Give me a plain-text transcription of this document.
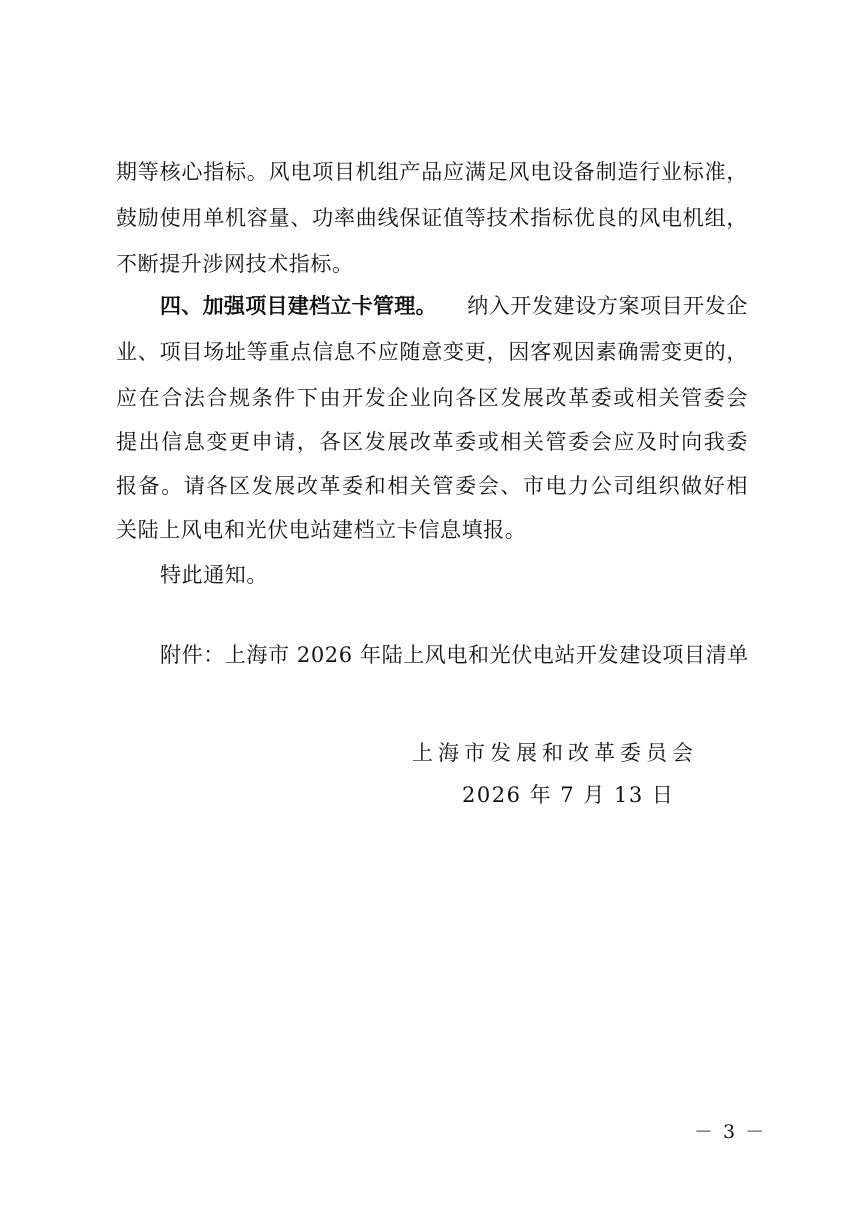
期等核心指标。风电项目机组产品应满足风电设备制造行业标准，
鼓励使用单机容量、功率曲线保证值等技术指标优良的风电机组，
不断提升涉网技术指标。
四、加强项目建档立卡管理。 纳入开发建设方案项目开发企
业、项目场址等重点信息不应随意变更，因客观因素确需变更的，
应在合法合规条件下由开发企业向各区发展改革委或相关管委会
提出信息变更申请，各区发展改革委或相关管委会应及时向我委
报备。请各区发展改革委和相关管委会、市电力公司组织做好相
关陆上风电和光伏电站建档立卡信息填报。
特此通知。
附件：上海市 2026 年陆上风电和光伏电站开发建设项目清单
上海市发展和改革委员会
2026 年 7 月 13 日
－ 3 －
